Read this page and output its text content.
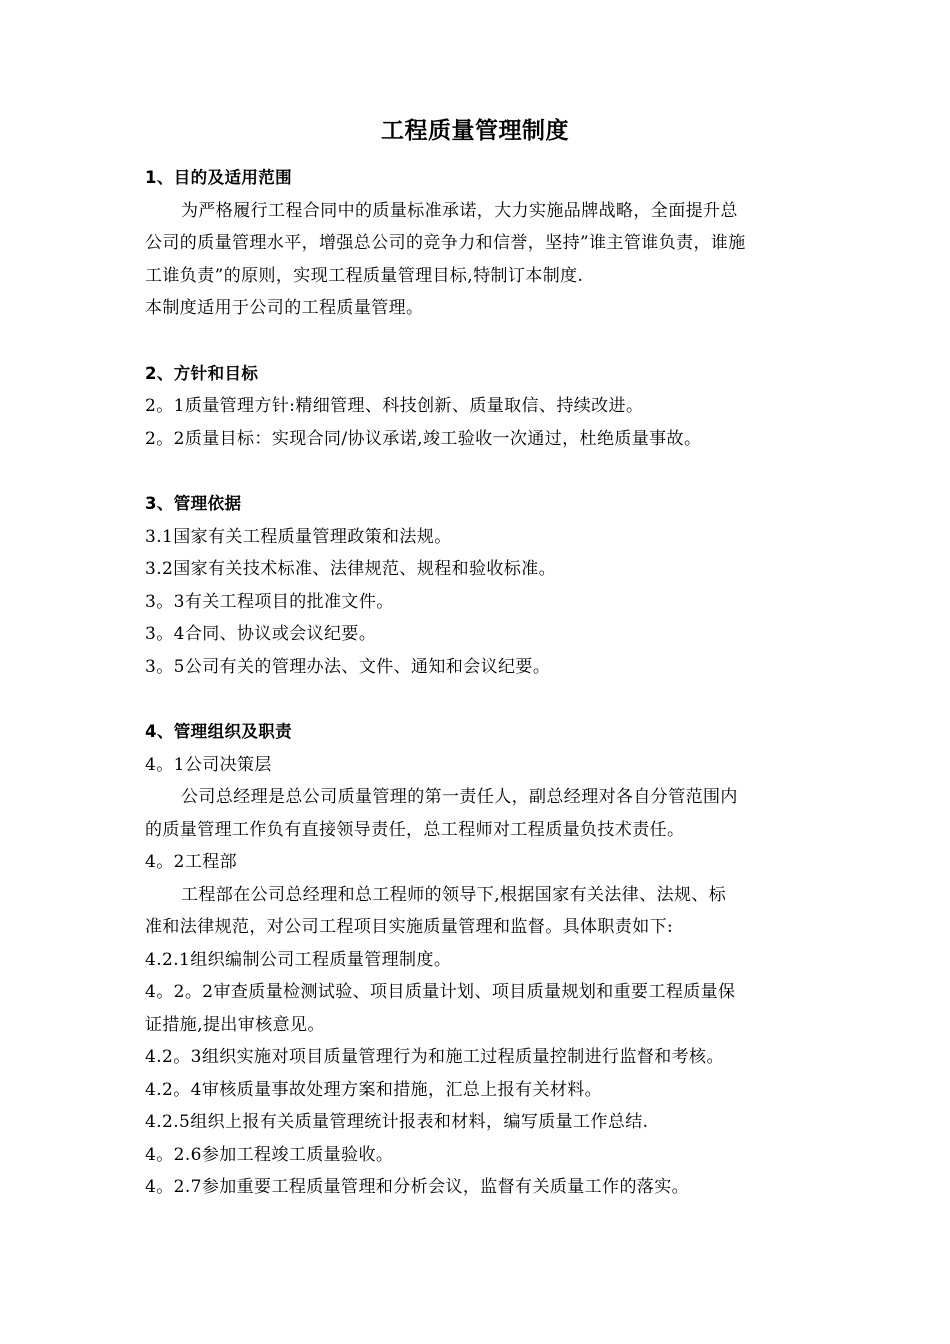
工程质量管理制度
1、目的及适用范围
为严格履行工程合同中的质量标准承诺，大力实施品牌战略，全面提升总
公司的质量管理水平，增强总公司的竞争力和信誉，坚持”谁主管谁负责，谁施
工谁负责”的原则，实现工程质量管理目标,特制订本制度.
本制度适用于公司的工程质量管理。
2、方针和目标
2。1质量管理方针:精细管理、科技创新、质量取信、持续改进。
2。2质量目标：实现合同/协议承诺,竣工验收一次通过，杜绝质量事故。
3、管理依据
3.1国家有关工程质量管理政策和法规。
3.2国家有关技术标准、法律规范、规程和验收标准。
3。3有关工程项目的批准文件。
3。4合同、协议或会议纪要。
3。5公司有关的管理办法、文件、通知和会议纪要。
4、管理组织及职责
4。1公司决策层
公司总经理是总公司质量管理的第一责任人，副总经理对各自分管范围内
的质量管理工作负有直接领导责任，总工程师对工程质量负技术责任。
4。2工程部
工程部在公司总经理和总工程师的领导下,根据国家有关法律、法规、标
准和法律规范，对公司工程项目实施质量管理和监督。具体职责如下:
4.2.1组织编制公司工程质量管理制度。
4。2。2审查质量检测试验、项目质量计划、项目质量规划和重要工程质量保
证措施,提出审核意见。
4.2。3组织实施对项目质量管理行为和施工过程质量控制进行监督和考核。
4.2。4审核质量事故处理方案和措施，汇总上报有关材料。
4.2.5组织上报有关质量管理统计报表和材料，编写质量工作总结.
4。2.6参加工程竣工质量验收。
4。2.7参加重要工程质量管理和分析会议，监督有关质量工作的落实。
